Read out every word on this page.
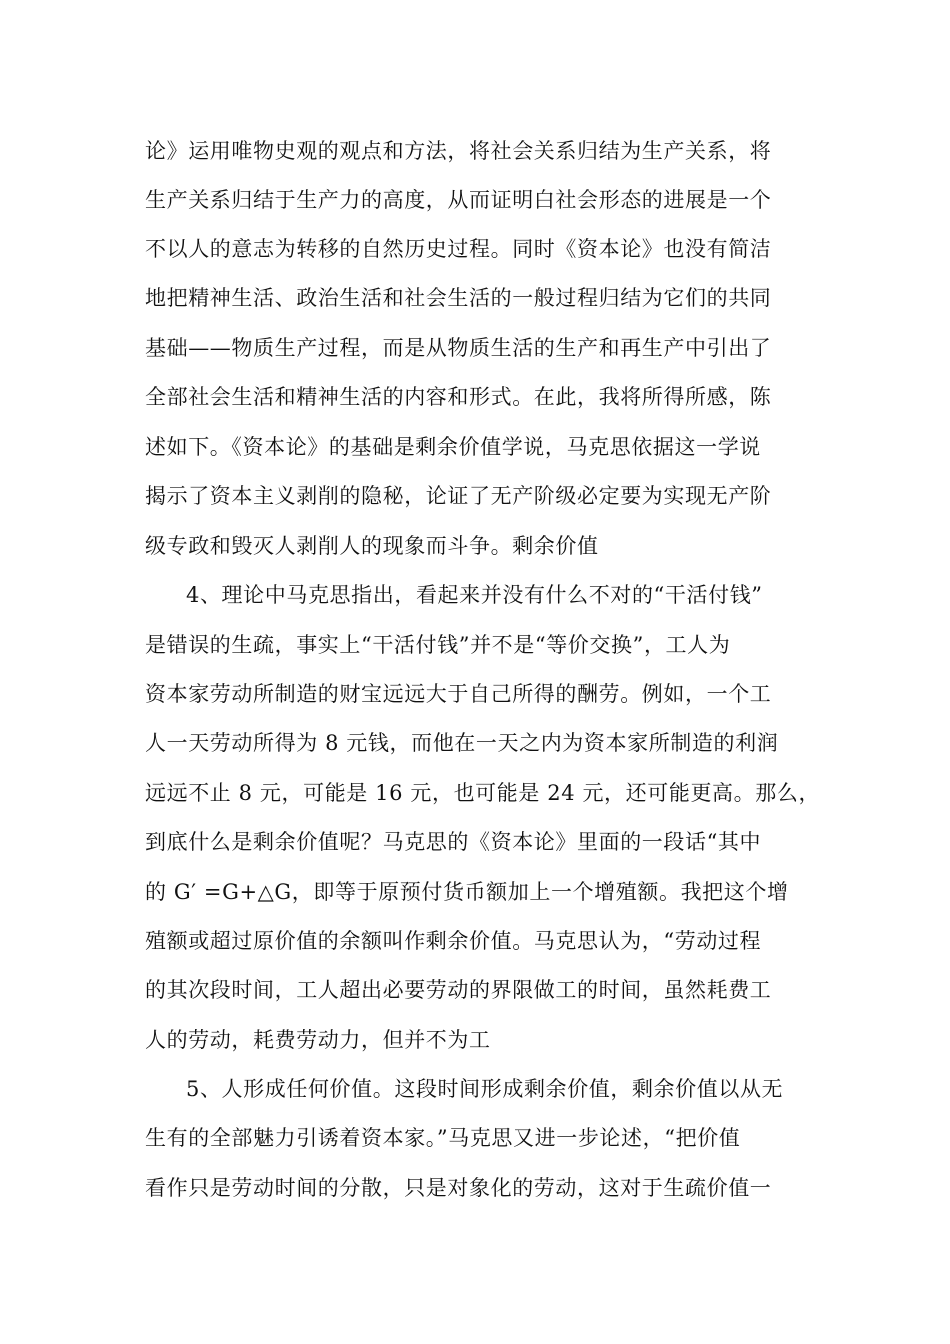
论》运用唯物史观的观点和方法，将社会关系归结为生产关系，将
生产关系归结于生产力的高度，从而证明白社会形态的进展是一个
不以人的意志为转移的自然历史过程。同时《资本论》也没有简洁
地把精神生活、政治生活和社会生活的一般过程归结为它们的共同
基础——物质生产过程，而是从物质生活的生产和再生产中引出了
全部社会生活和精神生活的内容和形式。在此，我将所得所感，陈
述如下。《资本论》的基础是剩余价值学说，马克思依据这一学说
揭示了资本主义剥削的隐秘，论证了无产阶级必定要为实现无产阶
级专政和毁灭人剥削人的现象而斗争。剩余价值
4、理论中马克思指出，看起来并没有什么不对的“干活付钱”
是错误的生疏，事实上“干活付钱”并不是“等价交换”，工人为
资本家劳动所制造的财宝远远大于自己所得的酬劳。例如，一个工
人一天劳动所得为 8 元钱，而他在一天之内为资本家所制造的利润
远远不止 8 元，可能是 16 元，也可能是 24 元，还可能更高。那么，
到底什么是剩余价值呢？马克思的《资本论》里面的一段话“其中
的 G′ =G+△G，即等于原预付货币额加上一个增殖额。我把这个增
殖额或超过原价值的余额叫作剩余价值。马克思认为，“劳动过程
的其次段时间，工人超出必要劳动的界限做工的时间，虽然耗费工
人的劳动，耗费劳动力，但并不为工
5、人形成任何价值。这段时间形成剩余价值，剩余价值以从无
生有的全部魅力引诱着资本家。”马克思又进一步论述，“把价值
看作只是劳动时间的分散，只是对象化的劳动，这对于生疏价值一
